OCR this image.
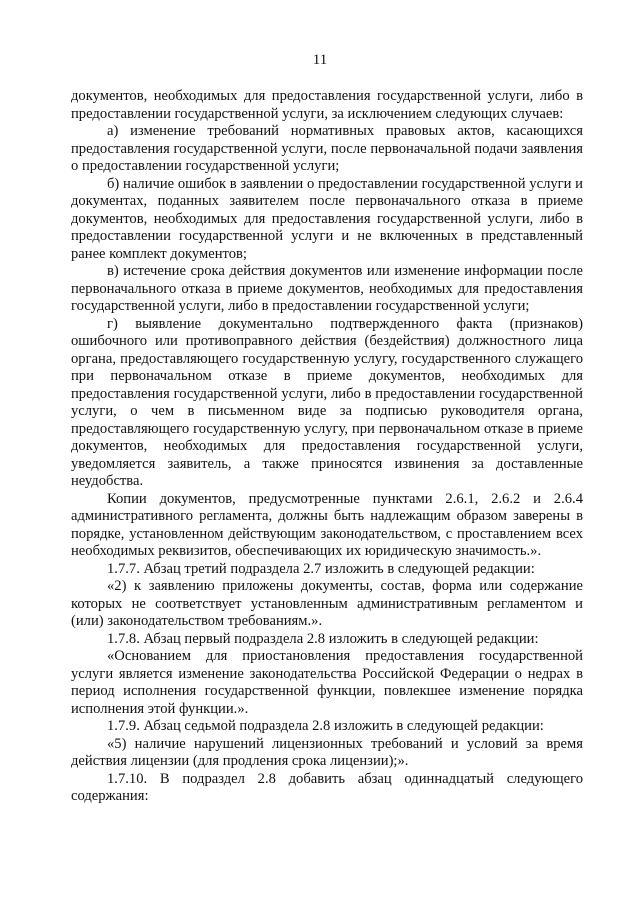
11

документов, необходимых для предоставления государственной услуги, либо в предоставлении государственной услуги, за исключением следующих случаев:

а) изменение требований нормативных правовых актов, касающихся предоставления государственной услуги, после первоначальной подачи заявления о предоставлении государственной услуги;

б) наличие ошибок в заявлении о предоставлении государственной услуги и документах, поданных заявителем после первоначального отказа в приеме документов, необходимых для предоставления государственной услуги, либо в предоставлении государственной услуги и не включенных в представленный ранее комплект документов;

в) истечение срока действия документов или изменение информации после первоначального отказа в приеме документов, необходимых для предоставления государственной услуги, либо в предоставлении государственной услуги;

г) выявление документально подтвержденного факта (признаков) ошибочного или противоправного действия (бездействия) должностного лица органа, предоставляющего государственную услугу, государственного служащего при первоначальном отказе в приеме документов, необходимых для предоставления государственной услуги, либо в предоставлении государственной услуги, о чем в письменном виде за подписью руководителя органа, предоставляющего государственную услугу, при первоначальном отказе в приеме документов, необходимых для предоставления государственной услуги, уведомляется заявитель, а также приносятся извинения за доставленные неудобства.

Копии документов, предусмотренные пунктами 2.6.1, 2.6.2 и 2.6.4 административного регламента, должны быть надлежащим образом заверены в порядке, установленном действующим законодательством, с проставлением всех необходимых реквизитов, обеспечивающих их юридическую значимость.».

1.7.7. Абзац третий подраздела 2.7 изложить в следующей редакции:

«2) к заявлению приложены документы, состав, форма или содержание которых не соответствует установленным административным регламентом и (или) законодательством требованиям.».

1.7.8. Абзац первый подраздела 2.8 изложить в следующей редакции:

«Основанием для приостановления предоставления государственной услуги является изменение законодательства Российской Федерации о недрах в период исполнения государственной функции, повлекшее изменение порядка исполнения этой функции.».

1.7.9. Абзац седьмой подраздела 2.8 изложить в следующей редакции:

«5) наличие нарушений лицензионных требований и условий за время действия лицензии (для продления срока лицензии);».

1.7.10. В подраздел 2.8 добавить абзац одиннадцатый следующего содержания:
